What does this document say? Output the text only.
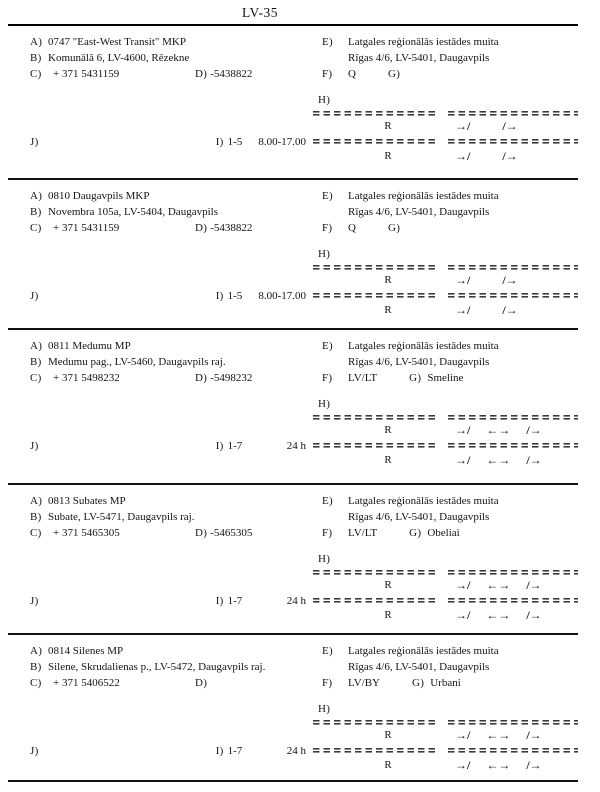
LV-35
A) 0747 "East-West Transit" MKP
B) Komunālā 6, LV-4600, Rēzekne
C) + 371 5431159	D) -5438822
E) Latgales reģionālās iestādes muita
Rīgas 4/6, LV-5401, Daugavpils
F)	Q	G)
H)
R	→/	/→
J)	I) 1-5	8.00-17.00
R	→/	/→
A) 0810 Daugavpils MKP
B) Novembra 105a, LV-5404, Daugavpils
C) + 371 5431159	D) -5438822
E) Latgales reģionālās iestādes muita
Rīgas 4/6, LV-5401, Daugavpils
F)	Q	G)
H)
R	→/	/→
J)	I) 1-5	8.00-17.00
R	→/	/→
A) 0811 Medumu MP
B) Medumu pag., LV-5460, Daugavpils raj.
C) + 371 5498232	D) -5498232
E) Latgales reģionālās iestādes muita
Rīgas 4/6, LV-5401, Daugavpils
F)	LV/LT	G) Smeline
H)
R	→/ ←→ /→
J)	I) 1-7	24 h
R	→/ ←→ /→
A) 0813 Subates MP
B) Subate, LV-5471, Daugavpils raj.
C) + 371 5465305	D) -5465305
E) Latgales reģionālās iestādes muita
Rīgas 4/6, LV-5401, Daugavpils
F)	LV/LT	G) Obeliai
H)
R	→/ ←→ /→
J)	I) 1-7	24 h
R	→/ ←→ /→
A) 0814 Silenes MP
B) Silene, Skrudalienas p., LV-5472, Daugavpils raj.
C) + 371 5406522	D)
E) Latgales reģionālās iestādes muita
Rīgas 4/6, LV-5401, Daugavpils
F)	LV/BY	G) Urbani
H)
R	→/ ←→ /→
J)	I) 1-7	24 h
R	→/ ←→ /→
